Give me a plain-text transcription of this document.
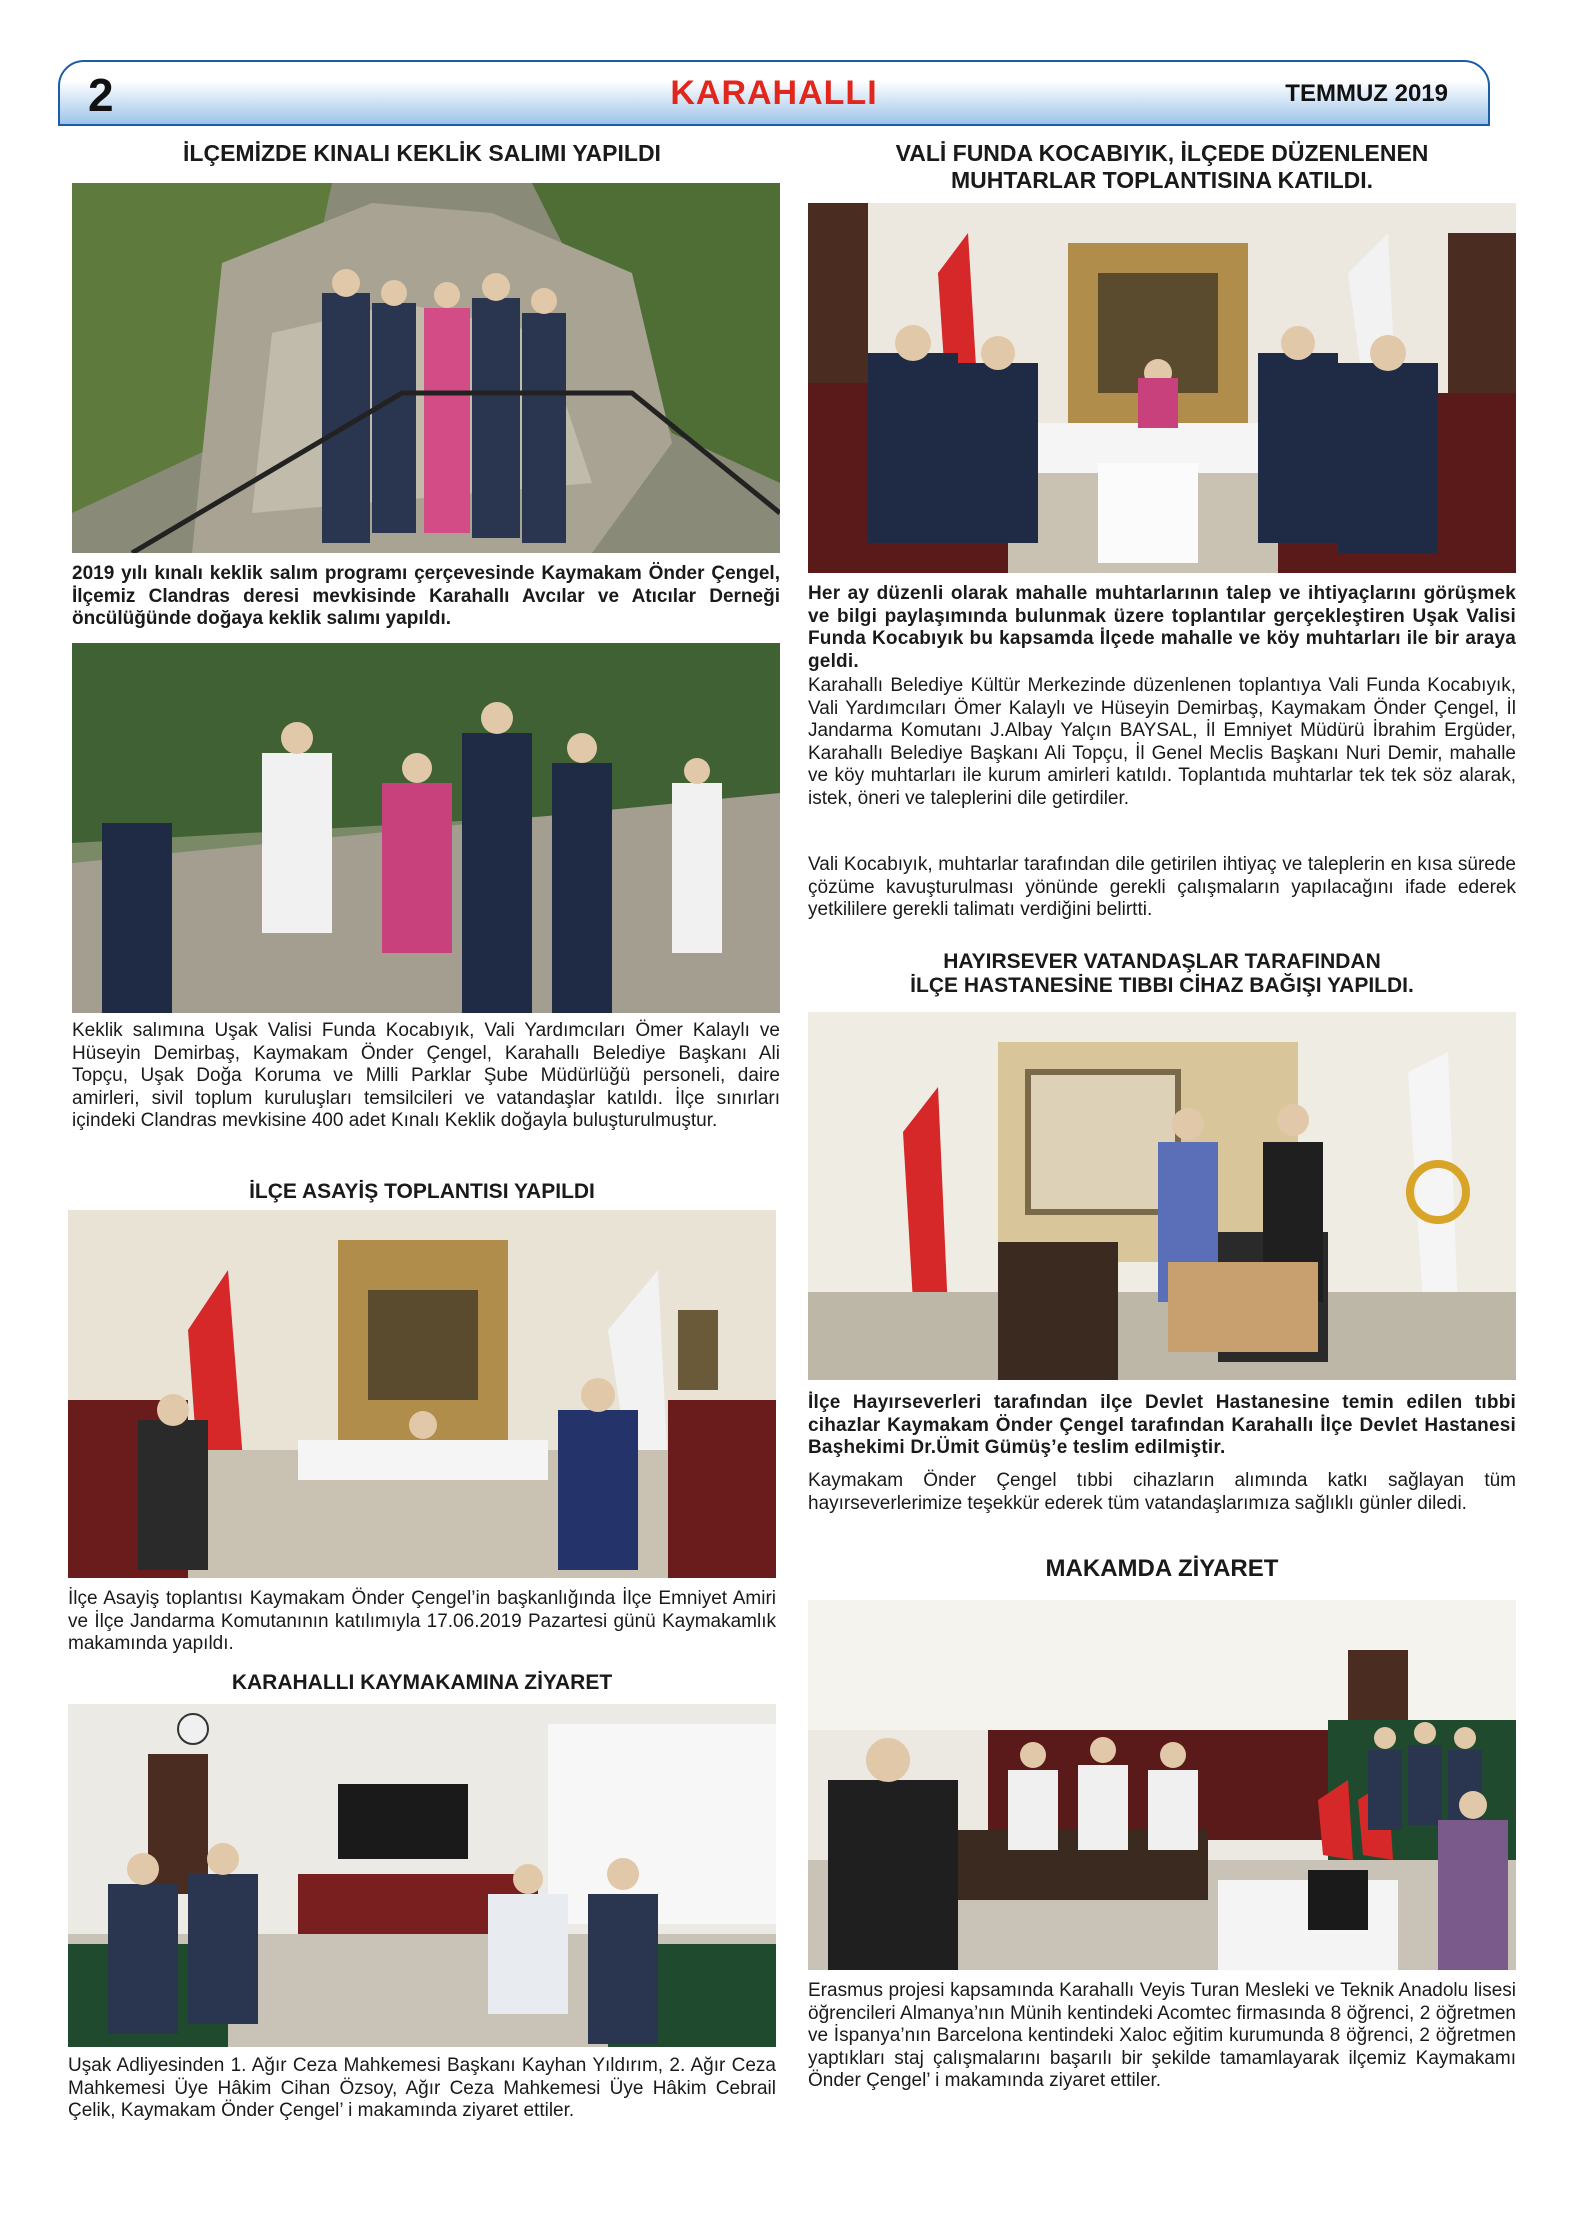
2	KARAHALLI	TEMMUZ 2019
İLÇEMİZDE KINALI KEKLİK SALIMI YAPILDI

2019 yılı kınalı keklik salım programı çerçevesinde Kaymakam Önder Çengel, İlçemiz Clandras deresi mevkisinde Karahallı Avcılar ve Atıcılar Derneği öncülüğünde doğaya keklik salımı yapıldı.

Keklik salımına Uşak Valisi Funda Kocabıyık, Vali Yardımcıları Ömer Kalaylı ve Hüseyin Demirbaş, Kaymakam Önder Çengel, Karahallı Belediye Başkanı Ali Topçu, Uşak Doğa Koruma ve Milli Parklar Şube Müdürlüğü personeli, daire amirleri, sivil toplum kuruluşları temsilcileri ve vatandaşlar katıldı. İlçe sınırları içindeki Clandras mevkisine 400 adet Kınalı Keklik doğayla buluşturulmuştur.

İLÇE ASAYİŞ TOPLANTISI YAPILDI

İlçe Asayiş toplantısı Kaymakam Önder Çengel’in başkanlığında İlçe Emniyet Amiri ve İlçe Jandarma Komutanının katılımıyla 17.06.2019 Pazartesi günü Kaymakamlık makamında yapıldı.

KARAHALLI KAYMAKAMINA ZİYARET

Uşak Adliyesinden 1. Ağır Ceza Mahkemesi Başkanı Kayhan Yıldırım, 2. Ağır Ceza Mahkemesi Üye Hâkim Cihan Özsoy, Ağır Ceza Mahkemesi Üye Hâkim Cebrail Çelik, Kaymakam Önder Çengel’ i makamında ziyaret ettiler.

VALİ FUNDA KOCABIYIK, İLÇEDE DÜZENLENEN
MUHTARLAR TOPLANTISINA KATILDI.

Her ay düzenli olarak mahalle muhtarlarının talep ve ihtiyaçlarını görüşmek ve bilgi paylaşımında bulunmak üzere toplantılar gerçekleştiren Uşak Valisi Funda Kocabıyık bu kapsamda İlçede mahalle ve köy muhtarları ile bir araya geldi.

Karahallı Belediye Kültür Merkezinde düzenlenen toplantıya Vali Funda Kocabıyık, Vali Yardımcıları Ömer Kalaylı ve Hüseyin Demirbaş, Kaymakam Önder Çengel, İl Jandarma Komutanı J.Albay Yalçın BAYSAL, İl Emniyet Müdürü İbrahim Ergüder, Karahallı Belediye Başkanı Ali Topçu, İl Genel Meclis Başkanı Nuri Demir, mahalle ve köy muhtarları ile kurum amirleri katıldı. Toplantıda muhtarlar tek tek söz alarak, istek, öneri ve taleplerini dile getirdiler.

Vali Kocabıyık, muhtarlar tarafından dile getirilen ihtiyaç ve taleplerin en kısa sürede çözüme kavuşturulması yönünde gerekli çalışmaların yapılacağını ifade ederek yetkililere gerekli talimatı verdiğini belirtti.

HAYIRSEVER VATANDAŞLAR TARAFINDAN
İLÇE HASTANESİNE TIBBI CİHAZ BAĞIŞI YAPILDI.

İlçe Hayırseverleri tarafından ilçe Devlet Hastanesine temin edilen tıbbi cihazlar Kaymakam Önder Çengel tarafından Karahallı İlçe Devlet Hastanesi Başhekimi Dr.Ümit Gümüş’e teslim edilmiştir.

Kaymakam Önder Çengel tıbbi cihazların alımında katkı sağlayan tüm hayırseverlerimize teşekkür ederek tüm vatandaşlarımıza sağlıklı günler diledi.

MAKAMDA ZİYARET

Erasmus projesi kapsamında Karahallı Veyis Turan Mesleki ve Teknik Anadolu lisesi öğrencileri Almanya’nın Münih kentindeki Acomtec firmasında 8 öğrenci, 2 öğretmen ve İspanya’nın Barcelona kentindeki Xaloc eğitim kurumunda 8 öğrenci, 2 öğretmen yaptıkları staj çalışmalarını başarılı bir şekilde tamamlayarak ilçemiz Kaymakamı Önder Çengel’ i makamında ziyaret ettiler.
